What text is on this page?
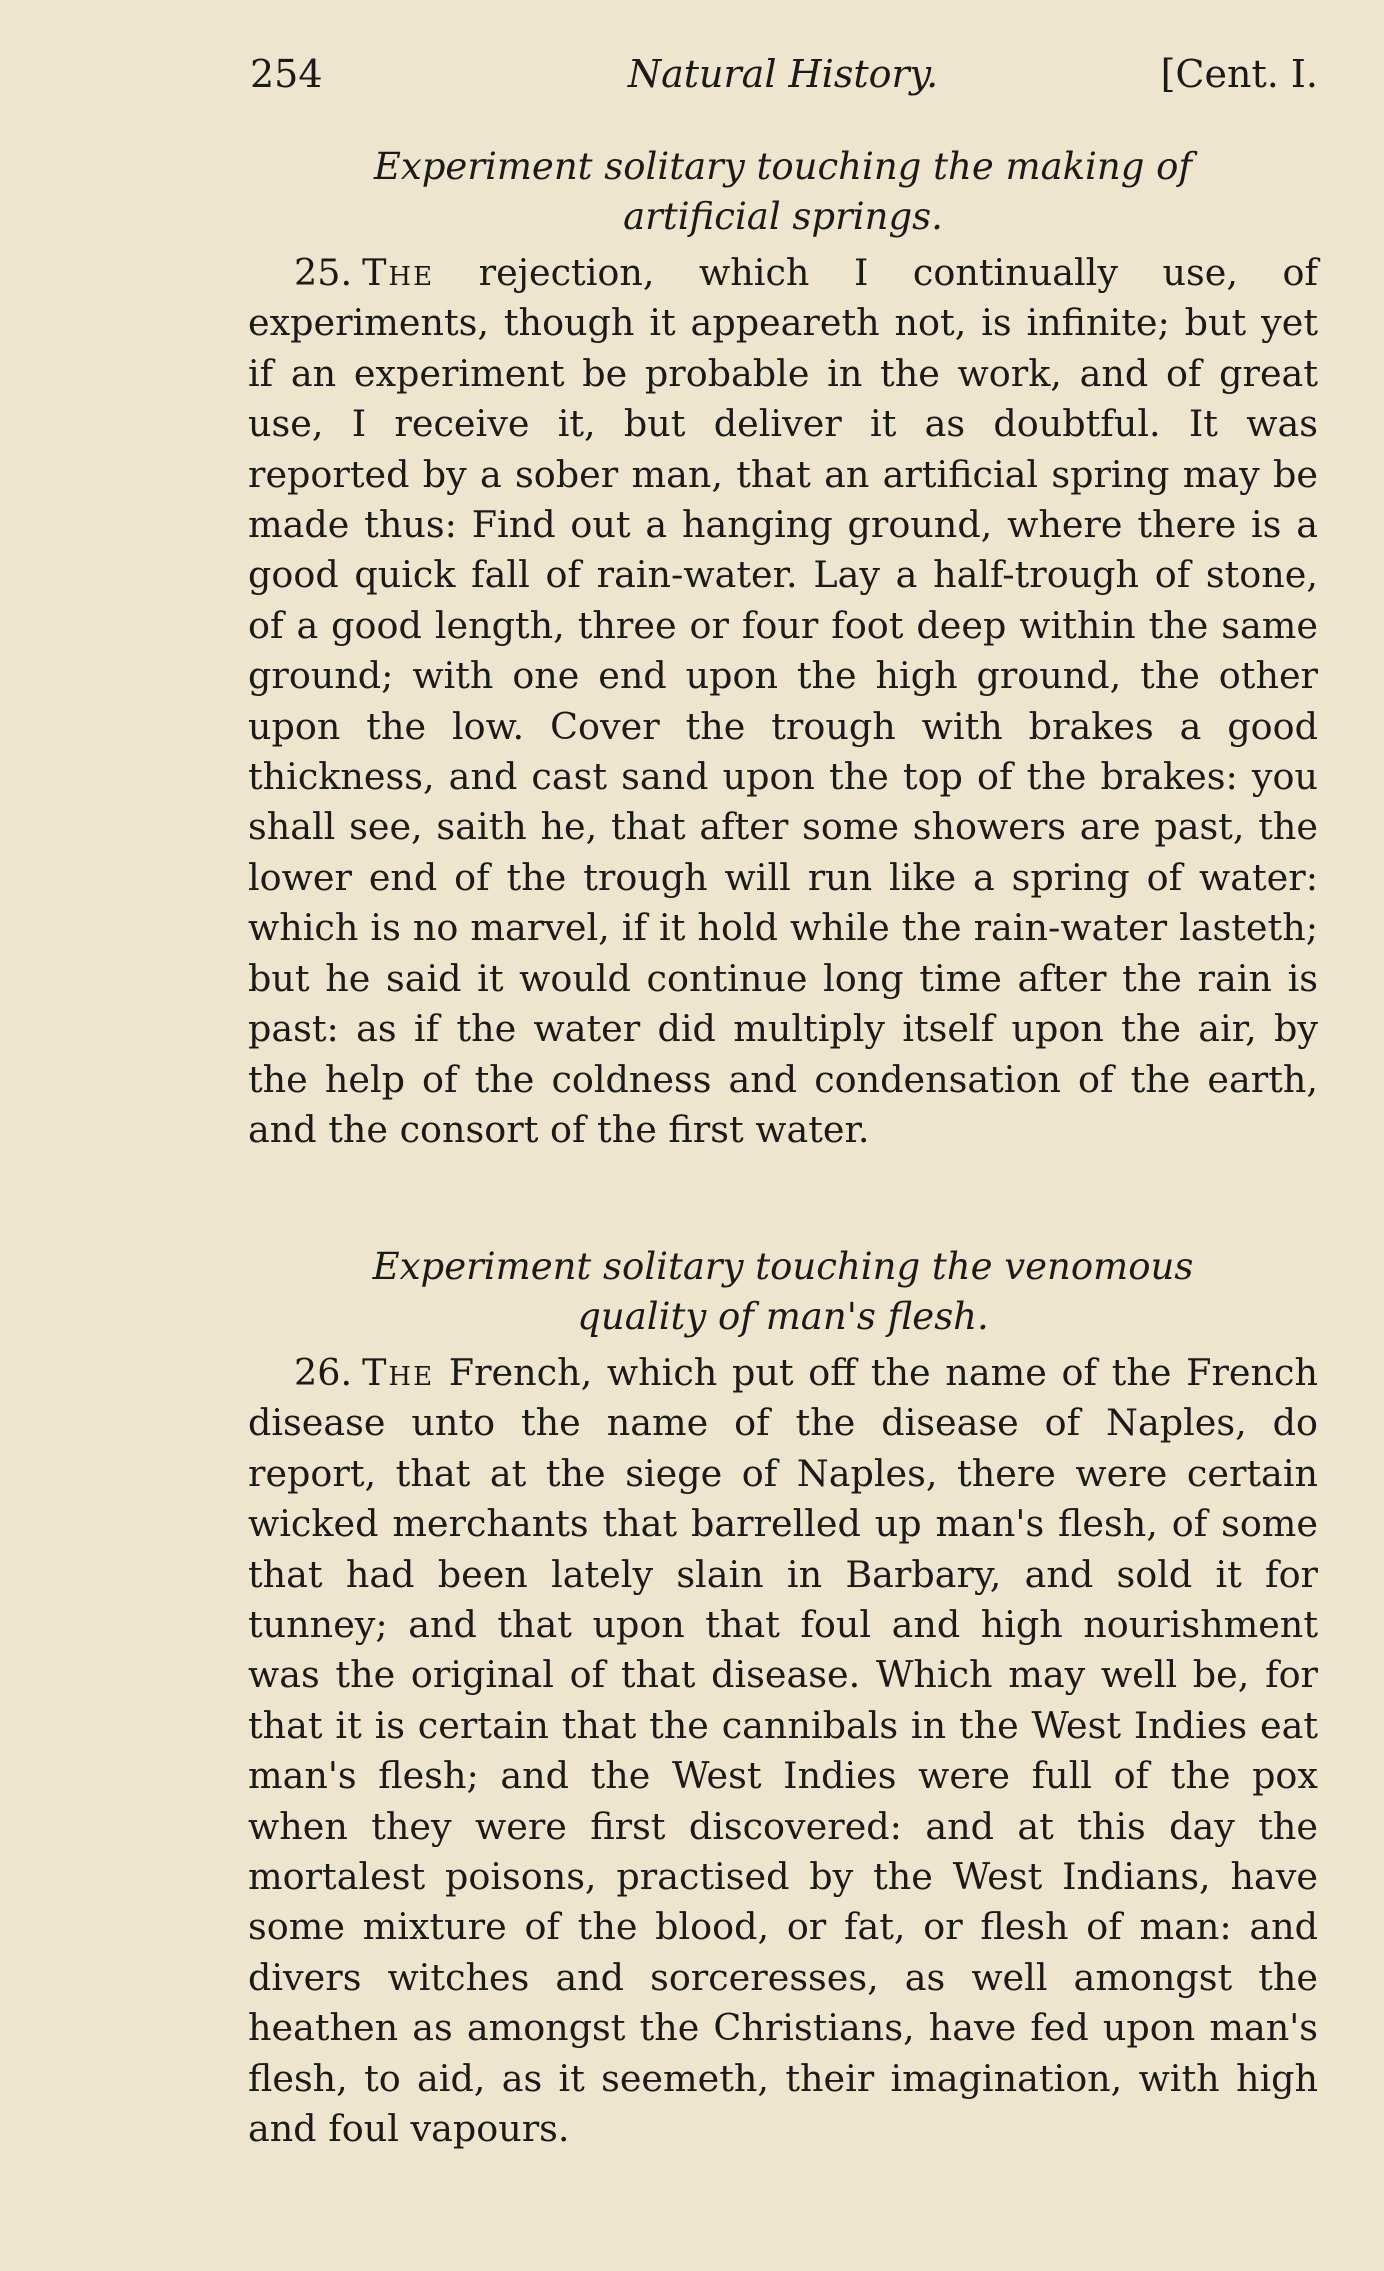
254	Natural History.	[Cent. I.
Experiment solitary touching the making of
artificial springs.

25. The rejection, which I continually use, of experiments, though it appeareth not, is infinite; but yet if an experiment be probable in the work, and of great use, I receive it, but deliver it as doubtful. It was reported by a sober man, that an artificial spring may be made thus: Find out a hanging ground, where there is a good quick fall of rain-water. Lay a half-trough of stone, of a good length, three or four foot deep within the same ground; with one end upon the high ground, the other upon the low. Cover the trough with brakes a good thickness, and cast sand upon the top of the brakes: you shall see, saith he, that after some showers are past, the lower end of the trough will run like a spring of water: which is no marvel, if it hold while the rain-water lasteth; but he said it would continue long time after the rain is past: as if the water did multiply itself upon the air, by the help of the coldness and condensation of the earth, and the consort of the first water.

Experiment solitary touching the venomous
quality of man's flesh.

26. The French, which put off the name of the French disease unto the name of the disease of Naples, do report, that at the siege of Naples, there were certain wicked merchants that barrelled up man's flesh, of some that had been lately slain in Barbary, and sold it for tunney; and that upon that foul and high nourishment was the original of that disease. Which may well be, for that it is certain that the cannibals in the West Indies eat man's flesh; and the West Indies were full of the pox when they were first discovered: and at this day the mortalest poisons, practised by the West Indians, have some mixture of the blood, or fat, or flesh of man: and divers witches and sorceresses, as well amongst the heathen as amongst the Christians, have fed upon man's flesh, to aid, as it seemeth, their imagination, with high and foul vapours.
